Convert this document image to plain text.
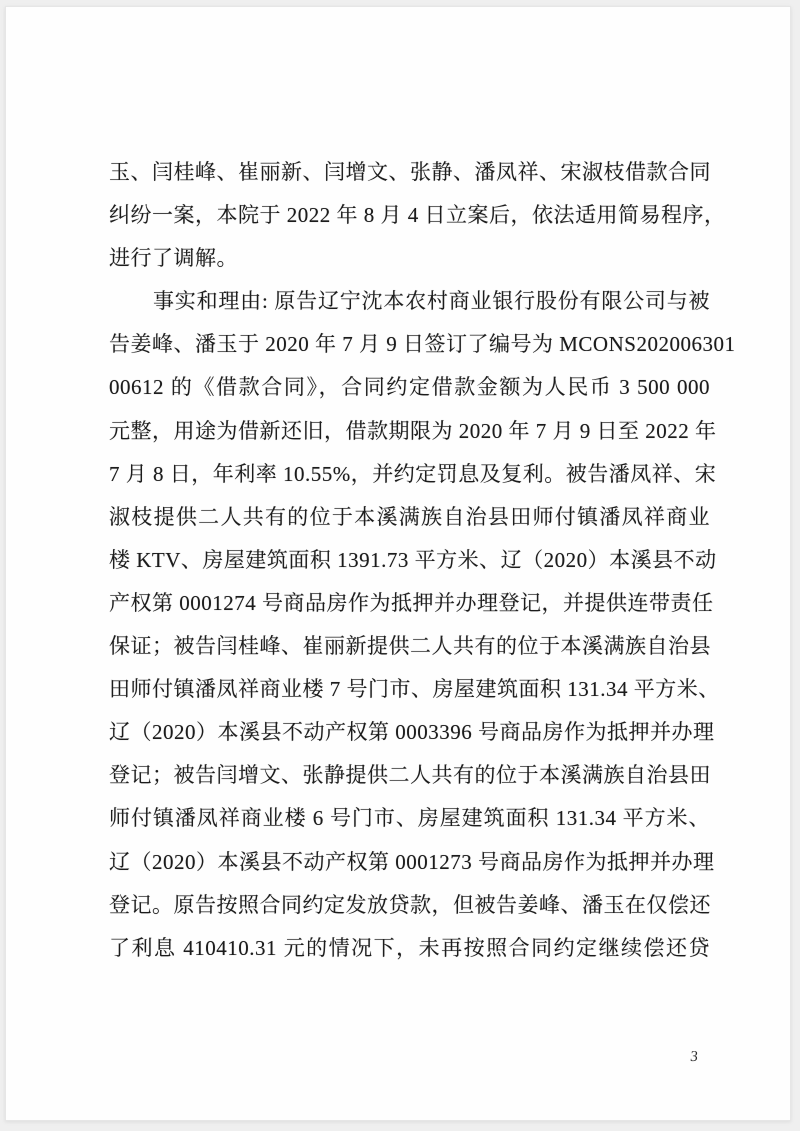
玉、闫桂峰、崔丽新、闫增文、张静、潘凤祥、宋淑枝借款合同
纠纷一案，本院于 2022 年 8 月 4 日立案后，依法适用简易程序，
进行了调解。
事实和理由: 原告辽宁沈本农村商业银行股份有限公司与被
告姜峰、潘玉于 2020 年 7 月 9 日签订了编号为 MCONS202006301
00612 的《借款合同》，合同约定借款金额为人民币 3 500 000
元整，用途为借新还旧，借款期限为 2020 年 7 月 9 日至 2022 年
7 月 8 日，年利率 10.55%，并约定罚息及复利。被告潘凤祥、宋
淑枝提供二人共有的位于本溪满族自治县田师付镇潘凤祥商业
楼 KTV、房屋建筑面积 1391.73 平方米、辽（2020）本溪县不动
产权第 0001274 号商品房作为抵押并办理登记，并提供连带责任
保证；被告闫桂峰、崔丽新提供二人共有的位于本溪满族自治县
田师付镇潘凤祥商业楼 7 号门市、房屋建筑面积 131.34 平方米、
辽（2020）本溪县不动产权第 0003396 号商品房作为抵押并办理
登记；被告闫增文、张静提供二人共有的位于本溪满族自治县田
师付镇潘凤祥商业楼 6 号门市、房屋建筑面积 131.34 平方米、
辽（2020）本溪县不动产权第 0001273 号商品房作为抵押并办理
登记。原告按照合同约定发放贷款，但被告姜峰、潘玉在仅偿还
了利息 410410.31 元的情况下，未再按照合同约定继续偿还贷
3
